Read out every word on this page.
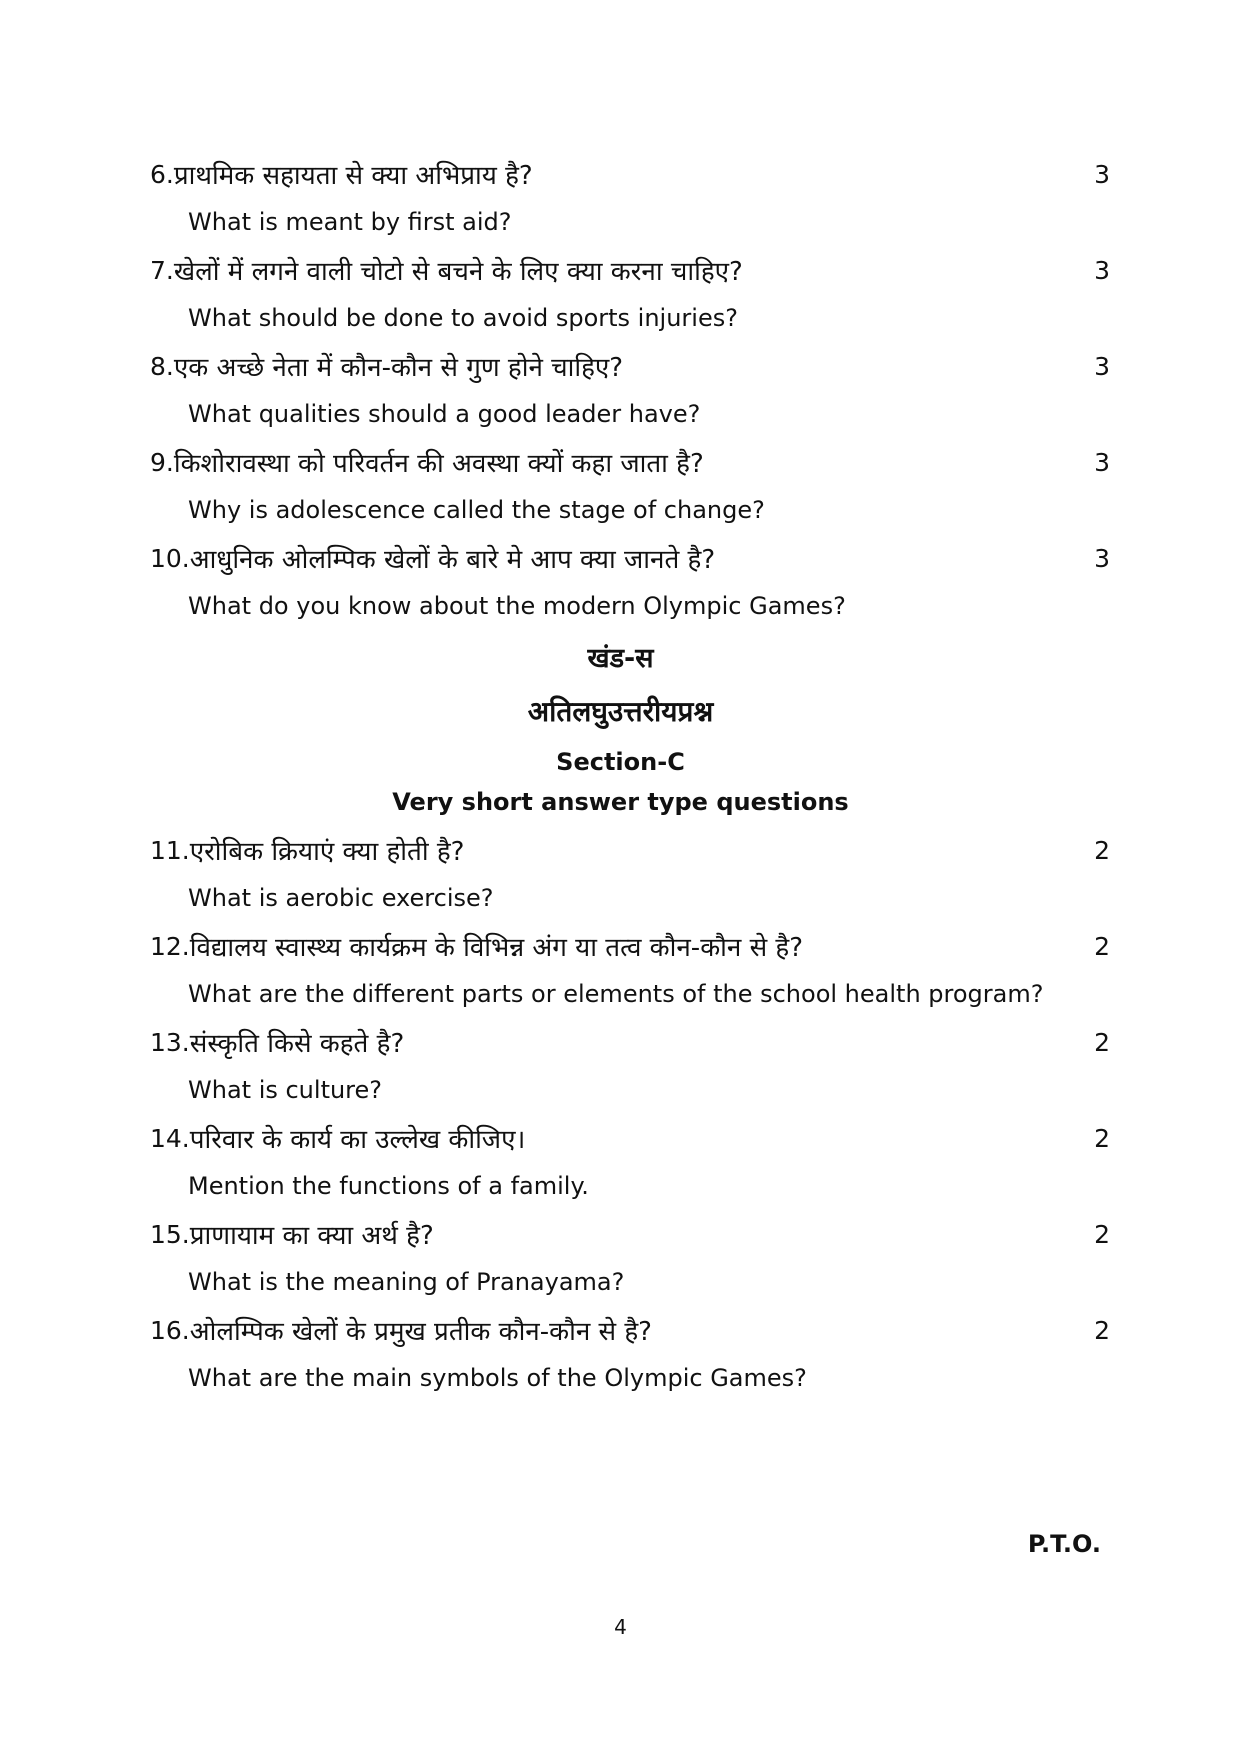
6. प्राथमिक सहायता से क्या अभिप्राय है?	3
What is meant by first aid?
7. खेलों में लगने वाली चोटो से बचने के लिए क्या करना चाहिए?	3
What should be done to avoid sports injuries?
8. एक अच्छे नेता में कौन-कौन से गुण होने चाहिए?	3
What qualities should a good leader have?
9. किशोरावस्था को परिवर्तन की अवस्था क्यों कहा जाता है?	3
Why is adolescence called the stage of change?
10. आधुनिक ओलम्पिक खेलों के बारे मे आप क्या जानते है?	3
What do you know about the modern Olympic Games?
खंड-स
अतिलघुउत्तरीयप्रश्न
Section-C
Very short answer type questions
11. एरोबिक क्रियाएं क्या होती है?	2
What is aerobic exercise?
12. विद्यालय स्वास्थ्य कार्यक्रम के विभिन्न अंग या तत्व कौन-कौन से है?	2
What are the different parts or elements of the school health program?
13. संस्कृति किसे कहते है?	2
What is culture?
14. परिवार के कार्य का उल्लेख कीजिए।	2
Mention the functions of a family.
15. प्राणायाम का क्या अर्थ है?	2
What is the meaning of Pranayama?
16. ओलम्पिक खेलों के प्रमुख प्रतीक कौन-कौन से है?	2
What are the main symbols of the Olympic Games?
P.T.O.
4
